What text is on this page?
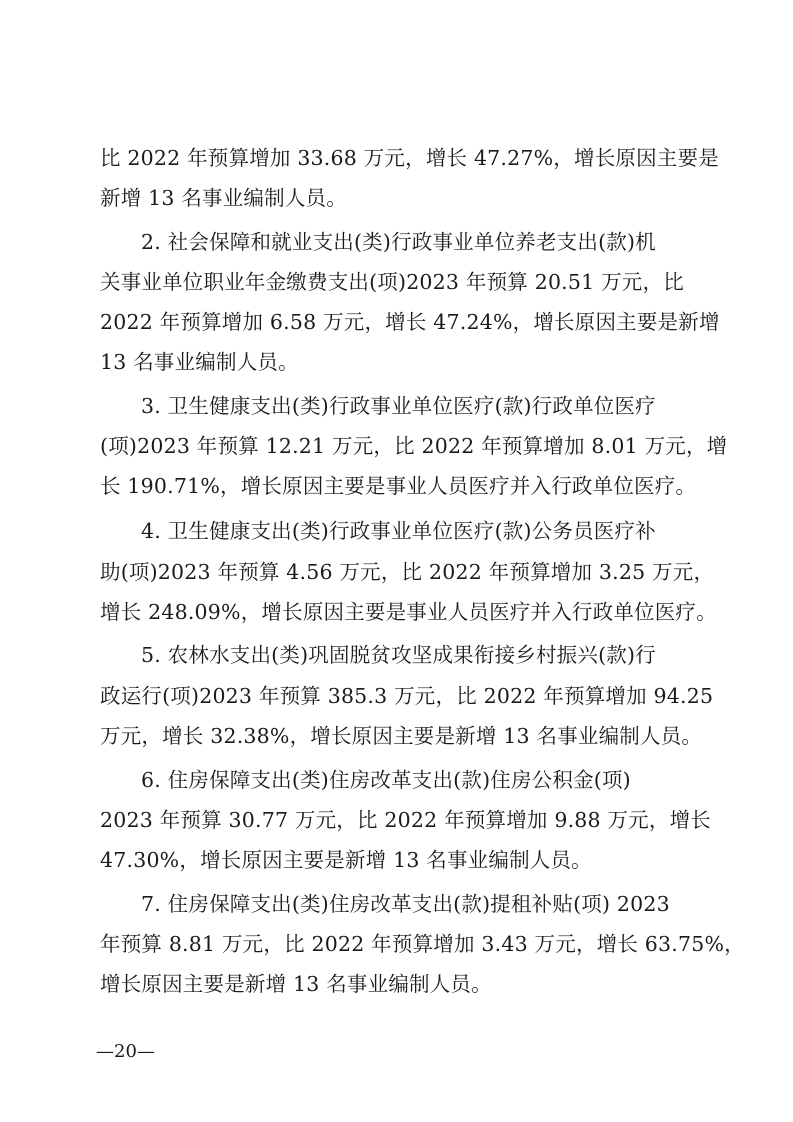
比 2022 年预算增加 33.68 万元，增长 47.27%，增长原因主要是
新增 13 名事业编制人员。
2. 社会保障和就业支出(类)行政事业单位养老支出(款)机
关事业单位职业年金缴费支出(项)2023 年预算 20.51 万元，比
2022 年预算增加 6.58 万元，增长 47.24%，增长原因主要是新增
13 名事业编制人员。
3. 卫生健康支出(类)行政事业单位医疗(款)行政单位医疗
(项)2023 年预算 12.21 万元，比 2022 年预算增加 8.01 万元，增
长 190.71%，增长原因主要是事业人员医疗并入行政单位医疗。
4. 卫生健康支出(类)行政事业单位医疗(款)公务员医疗补
助(项)2023 年预算 4.56 万元，比 2022 年预算增加 3.25 万元，
增长 248.09%，增长原因主要是事业人员医疗并入行政单位医疗。
5. 农林水支出(类)巩固脱贫攻坚成果衔接乡村振兴(款)行
政运行(项)2023 年预算 385.3 万元，比 2022 年预算增加 94.25
万元，增长 32.38%，增长原因主要是新增 13 名事业编制人员。
6. 住房保障支出(类)住房改革支出(款)住房公积金(项)
2023 年预算 30.77 万元，比 2022 年预算增加 9.88 万元，增长
47.30%，增长原因主要是新增 13 名事业编制人员。
7. 住房保障支出(类)住房改革支出(款)提租补贴(项) 2023
年预算 8.81 万元，比 2022 年预算增加 3.43 万元，增长 63.75%，
增长原因主要是新增 13 名事业编制人员。
—20—
